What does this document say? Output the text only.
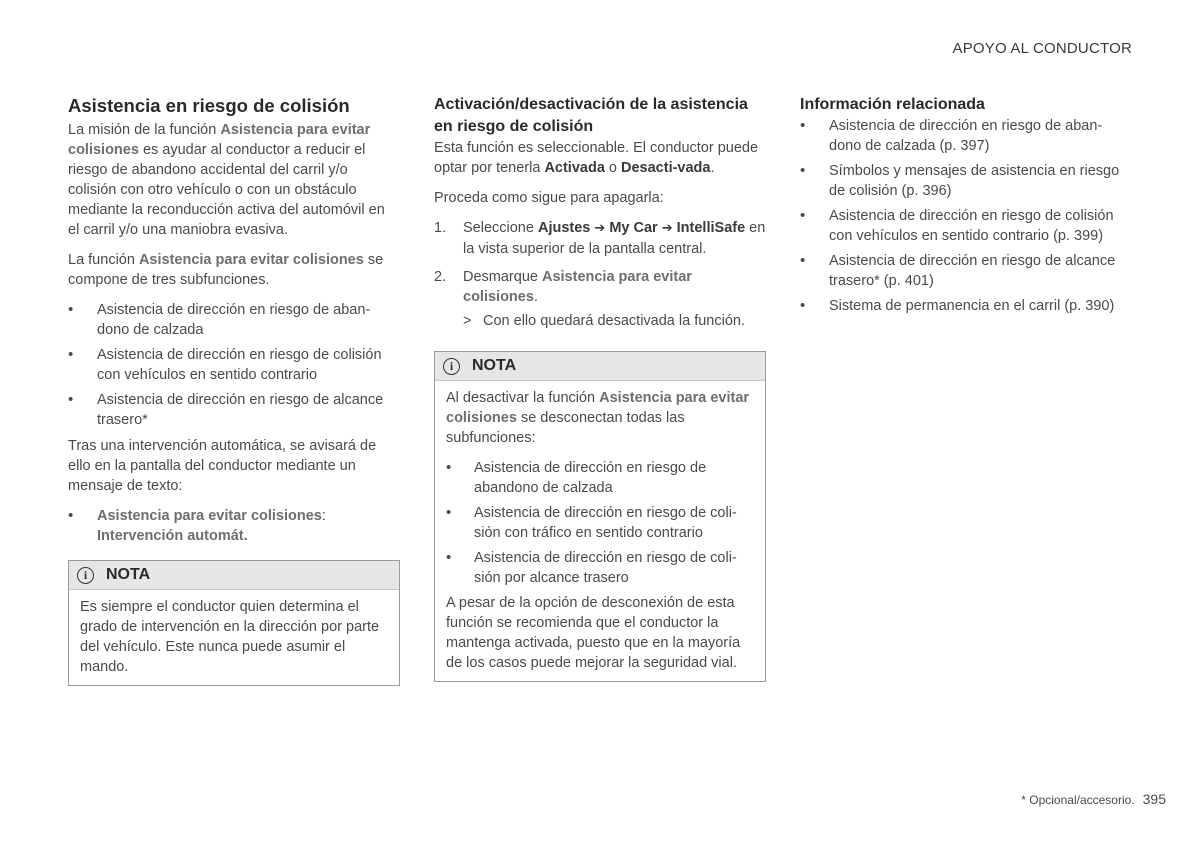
APOYO AL CONDUCTOR
Asistencia en riesgo de colisión

La misión de la función Asistencia para evitar colisiones es ayudar al conductor a reducir el riesgo de abandono accidental del carril y/o colisión con otro vehículo o con un obstáculo mediante la reconducción activa del automóvil en el carril y/o una maniobra evasiva.

La función Asistencia para evitar colisiones se compone de tres subfunciones.

• Asistencia de dirección en riesgo de aban-dono de calzada
• Asistencia de dirección en riesgo de colisión con vehículos en sentido contrario
• Asistencia de dirección en riesgo de alcance trasero*

Tras una intervención automática, se avisará de ello en la pantalla del conductor mediante un mensaje de texto:

• Asistencia para evitar colisiones: Intervención automát.
i	NOTA

Es siempre el conductor quien determina el grado de intervención en la dirección por parte del vehículo. Este nunca puede asumir el mando.

Activación/desactivación de la asistencia en riesgo de colisión

Esta función es seleccionable. El conductor puede optar por tenerla Activada o Desacti-vada.

Proceda como sigue para apagarla:

1. Seleccione Ajustes ➔ My Car ➔ IntelliSafe en la vista superior de la pantalla central.
2. Desmarque Asistencia para evitar colisiones.
> Con ello quedará desactivada la función.
i	NOTA

Al desactivar la función Asistencia para evitar colisiones se desconectan todas las subfunciones:

• Asistencia de dirección en riesgo de abandono de calzada
• Asistencia de dirección en riesgo de coli-sión con tráfico en sentido contrario
• Asistencia de dirección en riesgo de coli-sión por alcance trasero

A pesar de la opción de desconexión de esta función se recomienda que el conductor la mantenga activada, puesto que en la mayoría de los casos puede mejorar la seguridad vial.

Información relacionada
• Asistencia de dirección en riesgo de aban-dono de calzada (p. 397)
• Símbolos y mensajes de asistencia en riesgo de colisión (p. 396)
• Asistencia de dirección en riesgo de colisión con vehículos en sentido contrario (p. 399)
• Asistencia de dirección en riesgo de alcance trasero* (p. 401)
• Sistema de permanencia en el carril (p. 390)
* Opcional/accesorio. 395
